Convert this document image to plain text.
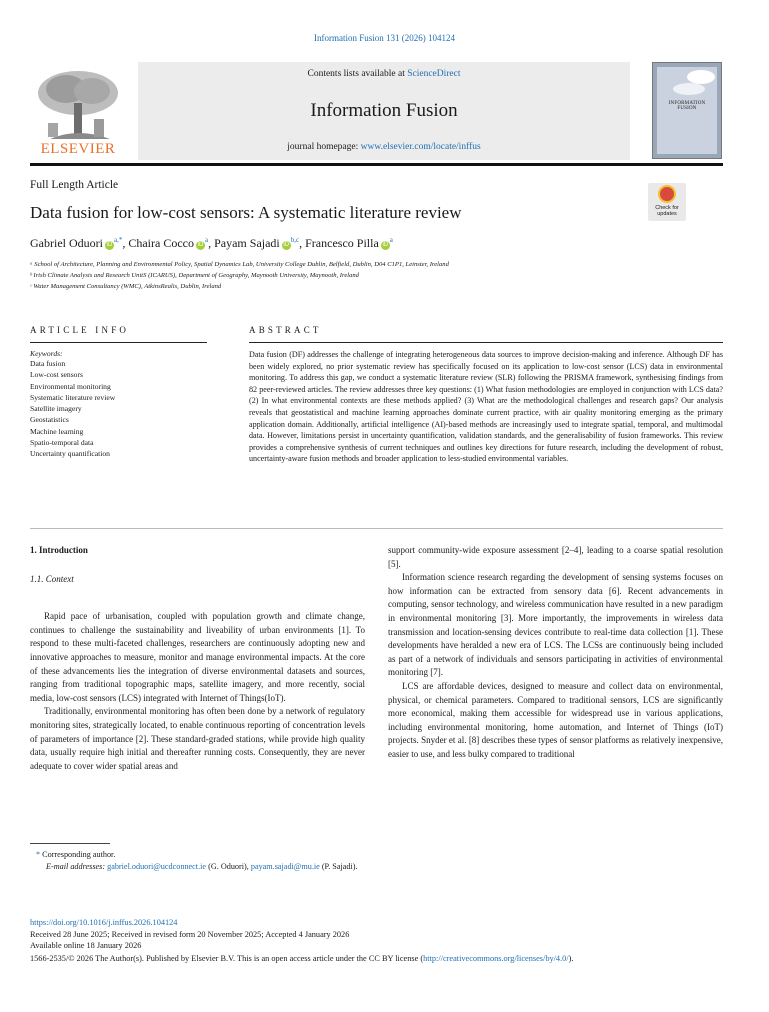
Information Fusion 131 (2026) 104124
ELSEVIER
Contents lists available at ScienceDirect
Information Fusion
journal homepage: www.elsevier.com/locate/inffus
INFORMATION FUSION
Full Length Article
Data fusion for low-cost sensors: A systematic literature review	Check for updates
Gabriel Oduori $iD^{a,*}$, Chaira Cocco $iD^a$, Payam Sajadi iD$^{b,c}$, Francesco Pilla $iD^a$
ᵃ School of Architecture, Planning and Environmental Policy, Spatial Dynamics Lab, University College Dublin, Belfield, Dublin, D04 C1P1, Leinster, Ireland
ᵇ Irish Climate Analysis and Research UnitS (ICARUS), Department of Geography, Maynooth University, Maynooth, Ireland
ᶜ Water Management Consultancy (WMC), AtkinsRealis, Dublin, Ireland
ARTICLE INFO	ABSTRACT
Keywords:
Data fusion
Low-cost sensors
Environmental monitoring
Systematic literature review
Satellite imagery
Geostatistics
Machine learning
Spatio-temporal data
Uncertainty quantification
Data fusion (DF) addresses the challenge of integrating heterogeneous data sources to improve decision-making and inference. Although DF has been widely explored, no prior systematic review has specifically focused on its application to low-cost sensor (LCS) data in environmental monitoring. To address this gap, we conduct a systematic literature review (SLR) following the PRISMA framework, synthesising findings from 82 peer-reviewed articles. The review addresses three key questions: (1) What fusion methodologies are employed in conjunction with LCS data? (2) In what environmental contexts are these methods applied? (3) What are the methodological challenges and research gaps? Our analysis reveals that geostatistical and machine learning approaches dominate current practice, with air quality monitoring emerging as the primary application domain. Additionally, artificial intelligence (AI)-based methods are increasingly used to integrate spatial, temporal, and multimodal data. However, limitations persist in uncertainty quantification, validation standards, and the generalisability of fusion frameworks. This review provides a comprehensive synthesis of current techniques and outlines key directions for future research, including the development of robust, uncertainty-aware fusion methods and broader application to less-studied environmental variables.

1. Introduction

1.1. Context

Rapid pace of urbanisation, coupled with population growth and climate change, continues to challenge the sustainability and liveability of urban environments [1]. To respond to these multi-faceted challenges, researchers are continuously adopting new and innovative approaches to measure, monitor and manage environmental impacts. At the core of these advancements lies the integration of diverse environmental datasets and sources, ranging from traditional topographic maps, satellite imagery, and more recently, social media, low-cost sensors (LCS) integrated with Internet of Things(IoT).

Traditionally, environmental monitoring has often been done by a network of regulatory monitoring sites, strategically located, to enable continuous reporting of concentration levels of parameters of importance [2]. These standard-graded stations, while provide high quality data, usually require high initial and thereafter running costs. Consequently, they are never adequate to cover wider spatial areas and

support community-wide exposure assessment [2–4], leading to a coarse spatial resolution [5].

Information science research regarding the development of sensing systems focuses on how information can be extracted from sensory data [6]. Recent advancements in computing, sensor technology, and wireless communication have resulted in a new paradigm in environmental monitoring [3]. More importantly, the improvements in wireless data transmission and location-sensing devices contribute to real-time data collection [1]. These developments have heralded a new era of LCS. The LCSs are continuously being included as part of a network of individuals and sensors participating in activities of environmental monitoring [7].

LCS are affordable devices, designed to measure and collect data on environmental, physical, or chemical parameters. Compared to traditional sensors, LCS are significantly more economical, making them accessible for widespread use in various applications, including environmental monitoring, home automation, and Internet of Things (IoT) projects. Snyder et al. [8] describes these types of sensor platforms as relatively inexpensive, easier to use, and less bulky compared to traditional

* Corresponding author.
E-mail addresses: gabriel.oduori@ucdconnect.ie (G. Oduori), payam.sajadi@mu.ie (P. Sajadi).
https://doi.org/10.1016/j.inffus.2026.104124
Received 28 June 2025; Received in revised form 20 November 2025; Accepted 4 January 2026
Available online 18 January 2026
1566-2535/© 2026 The Author(s). Published by Elsevier B.V. This is an open access article under the CC BY license (http://creativecommons.org/licenses/by/4.0/).
